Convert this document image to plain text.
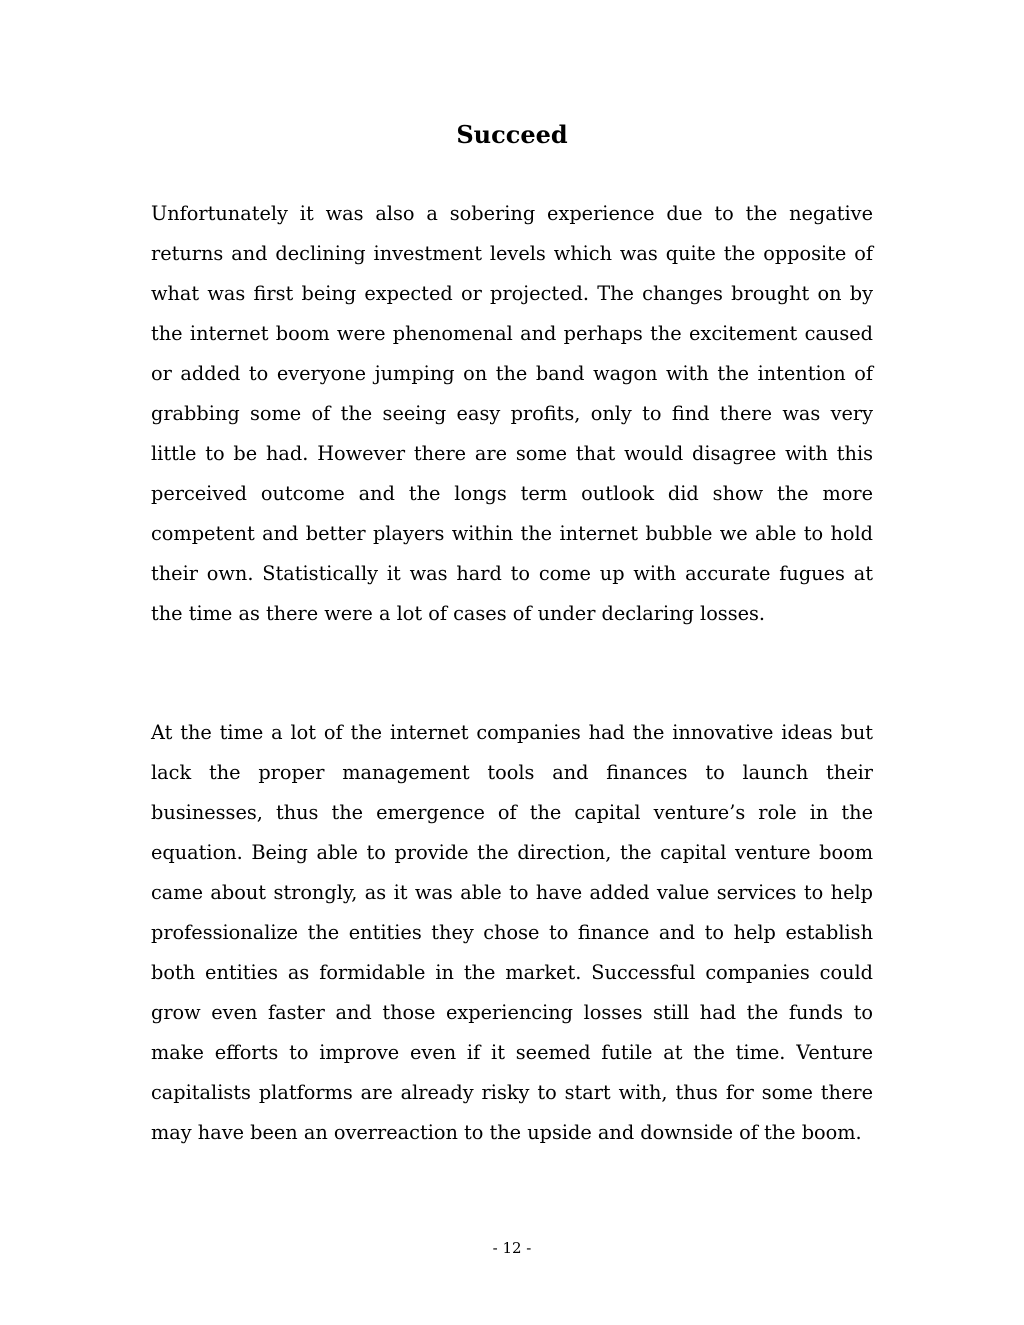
Succeed

Unfortunately it was also a sobering experience due to the negative returns and declining investment levels which was quite the opposite of what was first being expected or projected. The changes brought on by the internet boom were phenomenal and perhaps the excitement caused or added to everyone jumping on the band wagon with the intention of grabbing some of the seeing easy profits, only to find there was very little to be had. However there are some that would disagree with this perceived outcome and the longs term outlook did show the more competent and better players within the internet bubble we able to hold their own. Statistically it was hard to come up with accurate fugues at the time as there were a lot of cases of under declaring losses.

At the time a lot of the internet companies had the innovative ideas but lack the proper management tools and finances to launch their businesses, thus the emergence of the capital venture’s role in the equation. Being able to provide the direction, the capital venture boom came about strongly, as it was able to have added value services to help professionalize the entities they chose to finance and to help establish both entities as formidable in the market. Successful companies could grow even faster and those experiencing losses still had the funds to make efforts to improve even if it seemed futile at the time. Venture capitalists platforms are already risky to start with, thus for some there may have been an overreaction to the upside and downside of the boom.

- 12 -
